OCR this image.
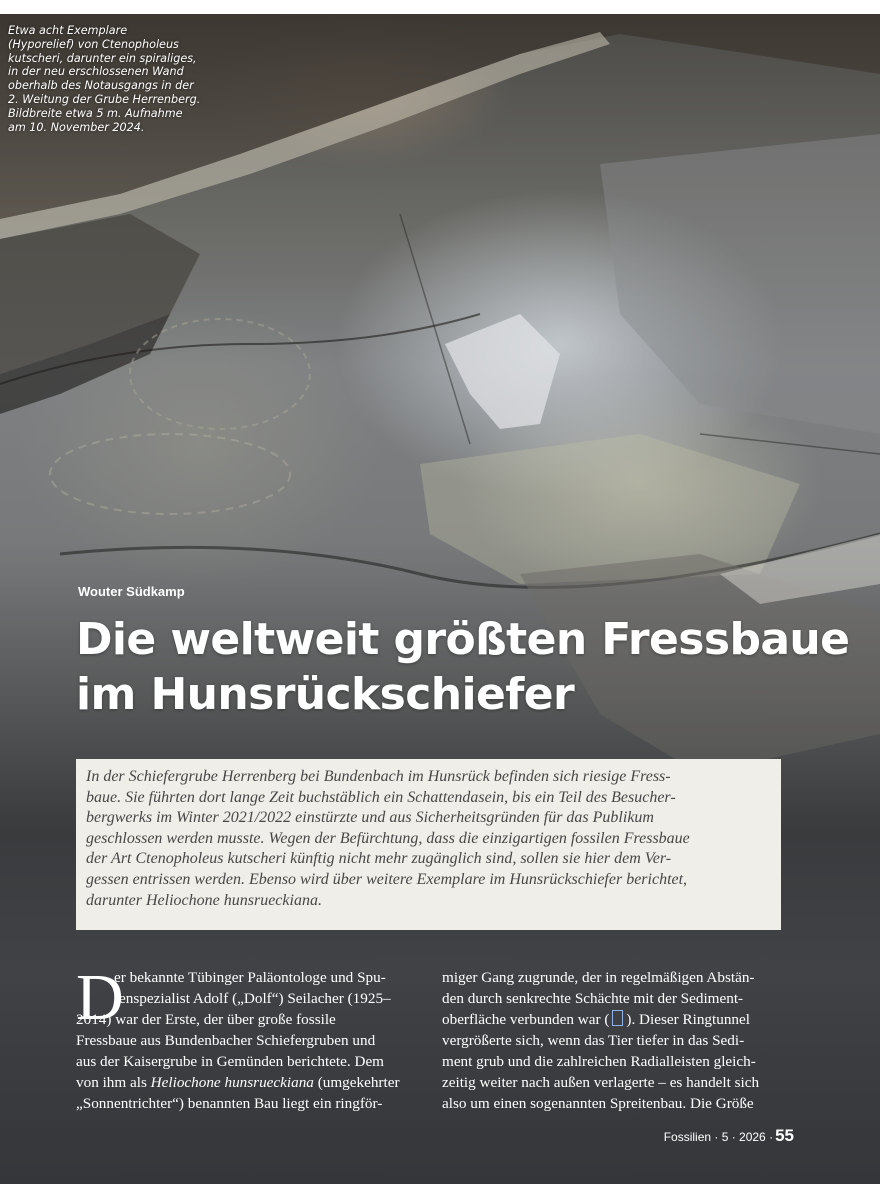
Etwa acht Exemplare
(Hyporelief) von Ctenopholeus
kutscheri, darunter ein spiraliges,
in der neu erschlossenen Wand
oberhalb des Notausgangs in der
2. Weitung der Grube Herrenberg.
Bildbreite etwa 5 m. Aufnahme
am 10. November 2024.
Wouter Südkamp
Die weltweit größten Fressbaue
im Hunsrückschiefer
In der Schiefergrube Herrenberg bei Bundenbach im Hunsrück befinden sich riesige Fress-
baue. Sie führten dort lange Zeit buchstäblich ein Schattendasein, bis ein Teil des Besucher-
bergwerks im Winter 2021/2022 einstürzte und aus Sicherheitsgründen für das Publikum
geschlossen werden musste. Wegen der Befürchtung, dass die einzigartigen fossilen Fressbaue
der Art Ctenopholeus kutscheri künftig nicht mehr zugänglich sind, sollen sie hier dem Ver-
gessen entrissen werden. Ebenso wird über weitere Exemplare im Hunsrückschiefer berichtet,
darunter Heliochone hunsrueckiana.
D
er bekannte Tübinger Paläontologe und Spu-
renspezialist Adolf („Dolf“) Seilacher (1925–
2014) war der Erste, der über große fossile
Fressbaue aus Bundenbacher Schiefergruben und
aus der Kaisergrube in Gemünden berichtete. Dem
von ihm als Heliochone hunsrueckiana (umgekehrter
„Sonnentrichter“) benannten Bau liegt ein ringför-
miger Gang zugrunde, der in regelmäßigen Abstän-
den durch senkrechte Schächte mit der Sediment-
oberfläche verbunden war ( ). Dieser Ringtunnel
vergrößerte sich, wenn das Tier tiefer in das Sedi-
ment grub und die zahlreichen Radialleisten gleich-
zeitig weiter nach außen verlagerte – es handelt sich
also um einen sogenannten Spreitenbau. Die Größe
Fossilien · 5 · 2026 · 55
